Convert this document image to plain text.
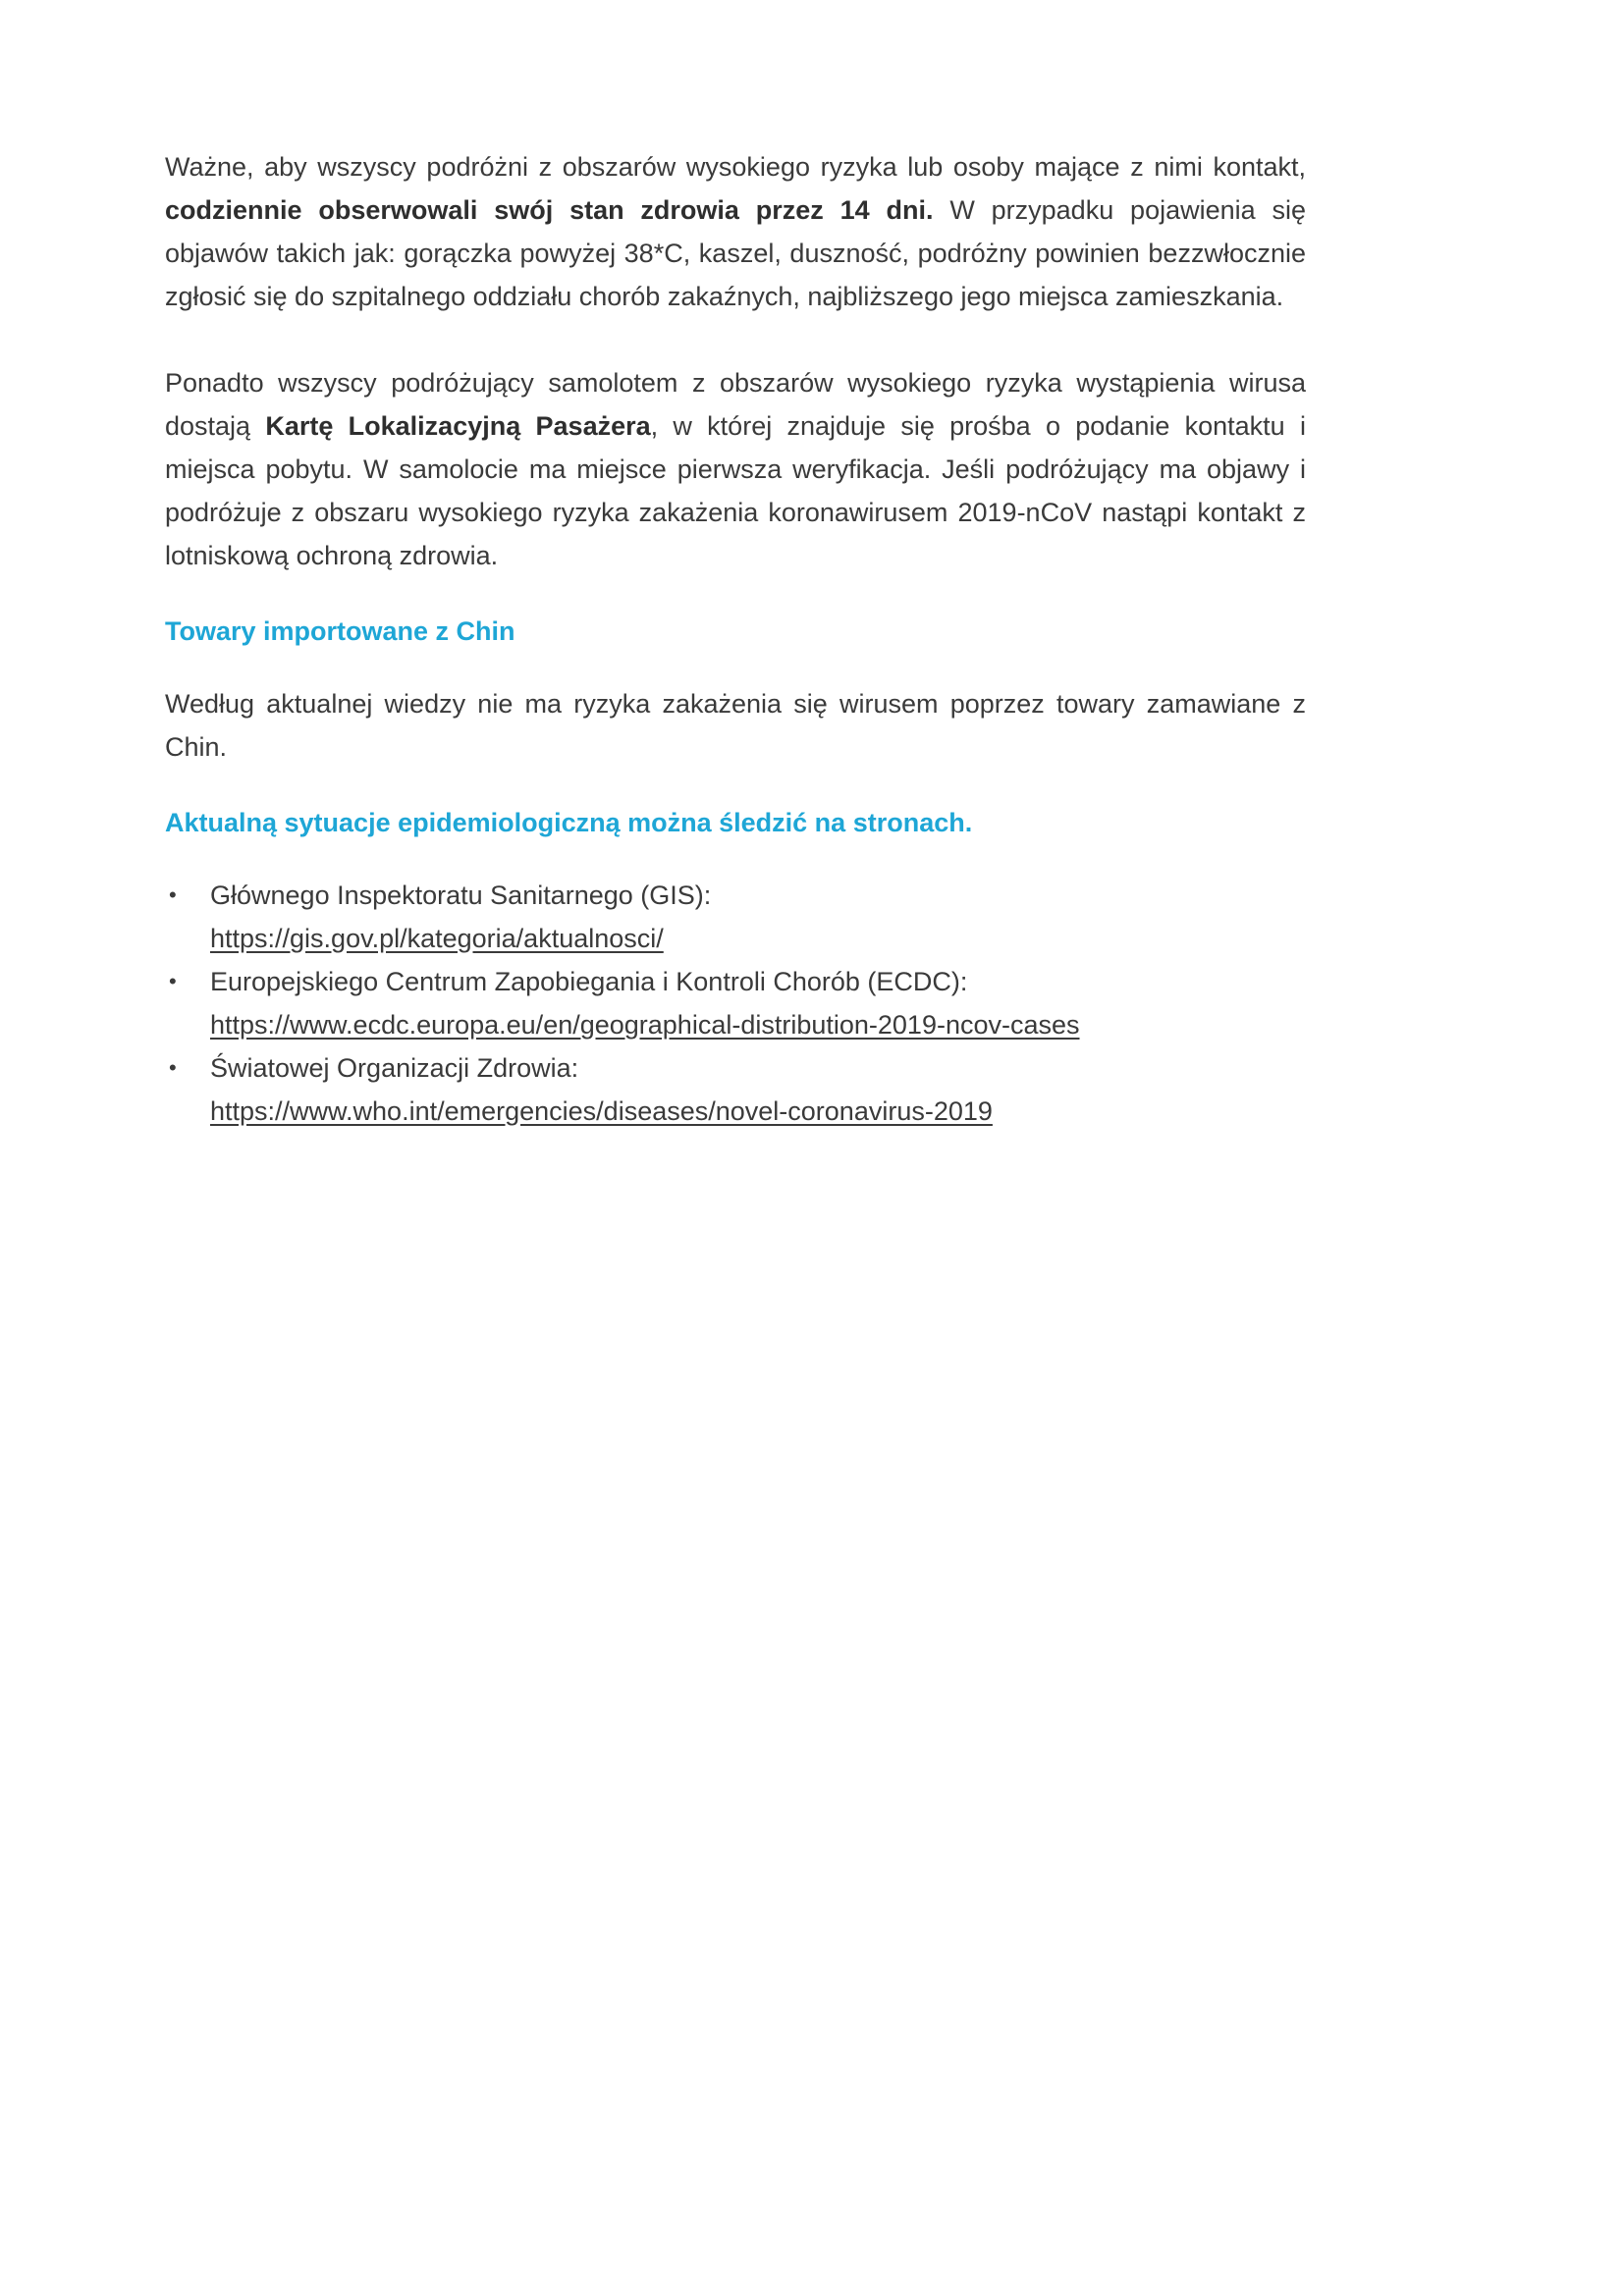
Ważne, aby wszyscy podróżni z obszarów wysokiego ryzyka lub osoby mające z nimi kontakt, codziennie obserwowali swój stan zdrowia przez 14 dni. W przypadku pojawienia się objawów takich jak: gorączka powyżej 38*C, kaszel, duszność, podróżny powinien bezzwłocznie zgłosić się do szpitalnego oddziału chorób zakaźnych, najbliższego jego miejsca zamieszkania.

Ponadto wszyscy podróżujący samolotem z obszarów wysokiego ryzyka wystąpienia wirusa dostają Kartę Lokalizacyjną Pasażera, w której znajduje się prośba o podanie kontaktu i miejsca pobytu. W samolocie ma miejsce pierwsza weryfikacja. Jeśli podróżujący ma objawy i podróżuje z obszaru wysokiego ryzyka zakażenia koronawirusem 2019-nCoV nastąpi kontakt z lotniskową ochroną zdrowia.

Towary importowane z Chin

Według aktualnej wiedzy nie ma ryzyka zakażenia się wirusem poprzez towary zamawiane z Chin.

Aktualną sytuacje epidemiologiczną można śledzić na stronach.
• Głównego Inspektoratu Sanitarnego (GIS):
https://gis.gov.pl/kategoria/aktualnosci/
• Europejskiego Centrum Zapobiegania i Kontroli Chorób (ECDC):
https://www.ecdc.europa.eu/en/geographical-distribution-2019-ncov-cases
• Światowej Organizacji Zdrowia:
https://www.who.int/emergencies/diseases/novel-coronavirus-2019
